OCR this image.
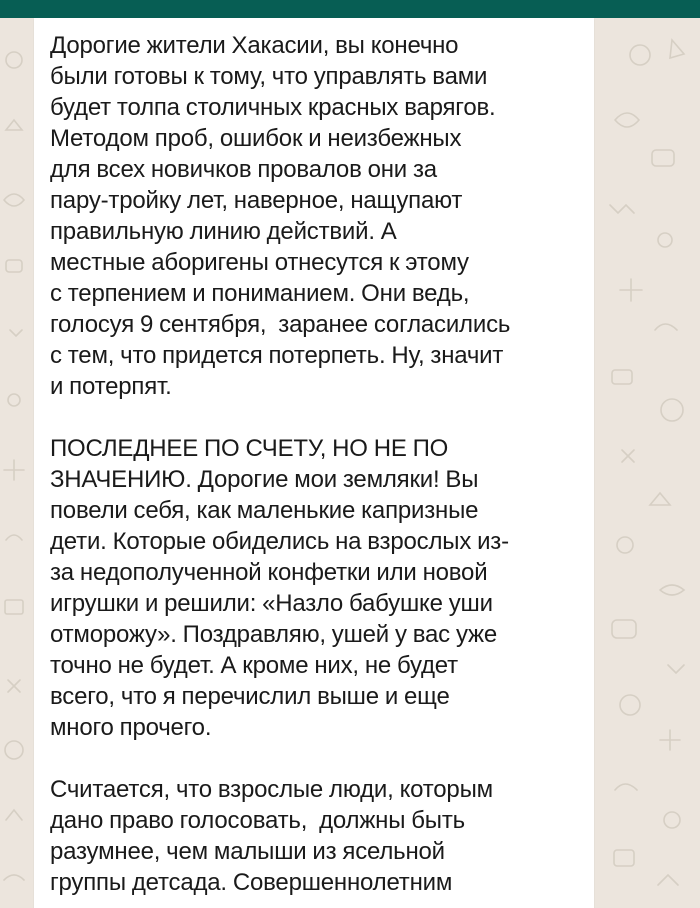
Дорогие жители Хакасии, вы конечно
были готовы к тому, что управлять вами
будет толпа столичных красных варягов.
Методом проб, ошибок и неизбежных
для всех новичков провалов они за
пару-тройку лет, наверное, нащупают
правильную линию действий. А
местные аборигены отнесутся к этому
с терпением и пониманием. Они ведь,
голосуя 9 сентября,  заранее согласились
с тем, что придется потерпеть. Ну, значит
и потерпят.
ПОСЛЕДНЕЕ ПО СЧЕТУ, НО НЕ ПО
ЗНАЧЕНИЮ. Дорогие мои земляки! Вы
повели себя, как маленькие капризные
дети. Которые обиделись на взрослых из-
за недополученной конфетки или новой
игрушки и решили: «Назло бабушке уши
отморожу». Поздравляю, ушей у вас уже
точно не будет. А кроме них, не будет
всего, что я перечислил выше и еще
много прочего.
Считается, что взрослые люди, которым
дано право голосовать,  должны быть
разумнее, чем малыши из ясельной
группы детсада. Совершеннолетним
